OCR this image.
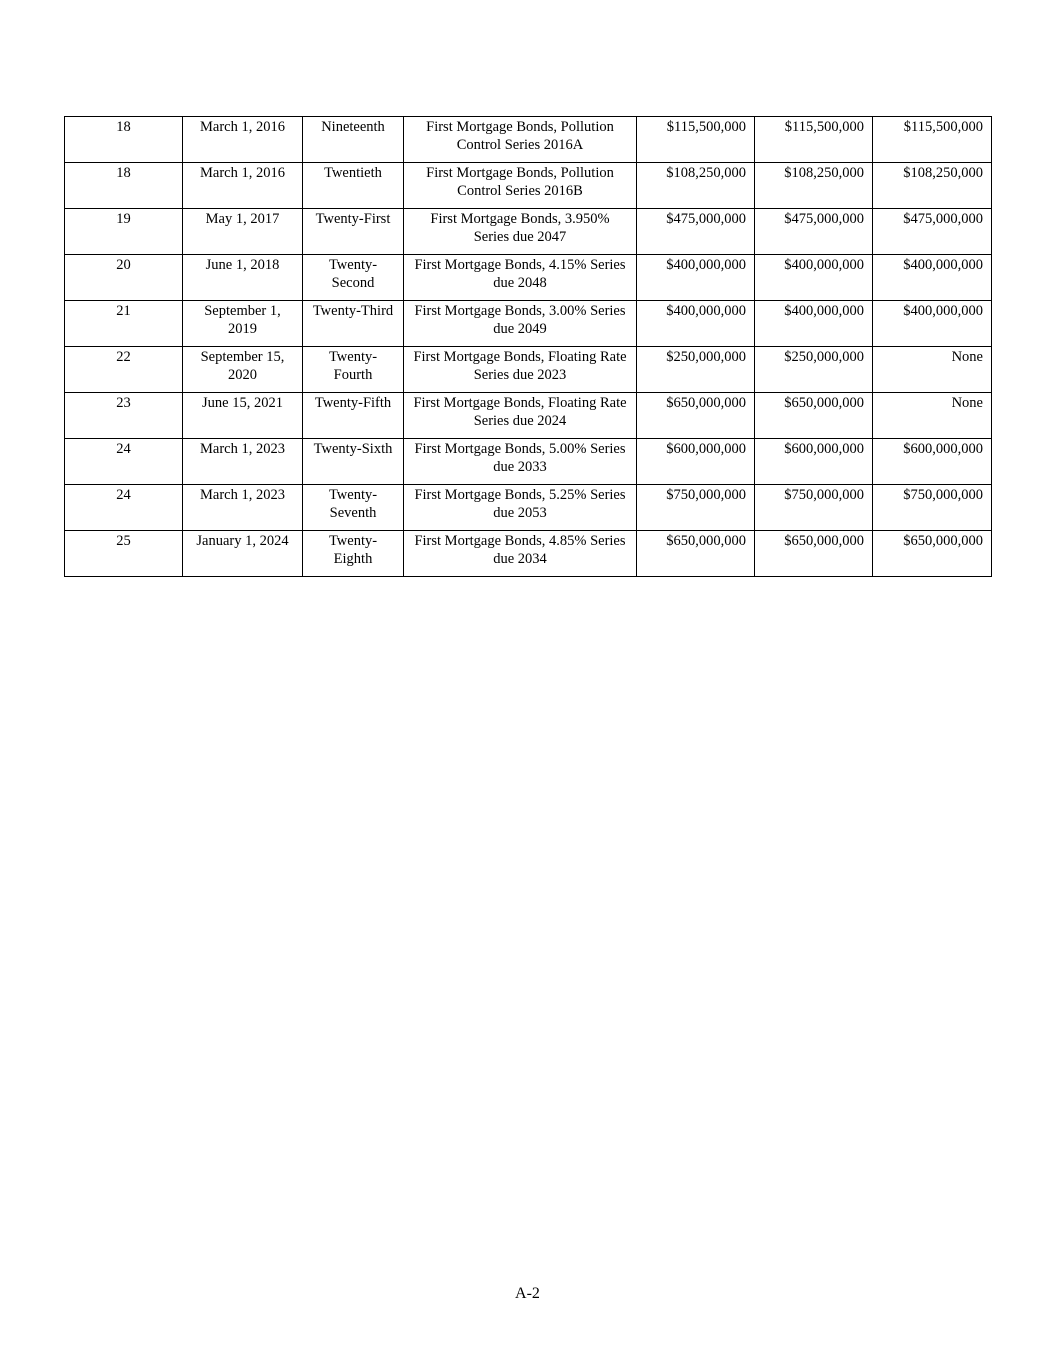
18	March 1, 2016	Nineteenth	First Mortgage Bonds, Pollution Control Series 2016A	$115,500,000	$115,500,000	$115,500,000
18	March 1, 2016	Twentieth	First Mortgage Bonds, Pollution Control Series 2016B	$108,250,000	$108,250,000	$108,250,000
19	May 1, 2017	Twenty-First	First Mortgage Bonds, 3.950% Series due 2047	$475,000,000	$475,000,000	$475,000,000
20	June 1, 2018	Twenty-Second	First Mortgage Bonds, 4.15% Series due 2048	$400,000,000	$400,000,000	$400,000,000
21	September 1, 2019	Twenty-Third	First Mortgage Bonds, 3.00% Series due 2049	$400,000,000	$400,000,000	$400,000,000
22	September 15, 2020	Twenty-Fourth	First Mortgage Bonds, Floating Rate Series due 2023	$250,000,000	$250,000,000	None
23	June 15, 2021	Twenty-Fifth	First Mortgage Bonds, Floating Rate Series due 2024	$650,000,000	$650,000,000	None
24	March 1, 2023	Twenty-Sixth	First Mortgage Bonds, 5.00% Series due 2033	$600,000,000	$600,000,000	$600,000,000
24	March 1, 2023	Twenty-Seventh	First Mortgage Bonds, 5.25% Series due 2053	$750,000,000	$750,000,000	$750,000,000
25	January 1, 2024	Twenty-Eighth	First Mortgage Bonds, 4.85% Series due 2034	$650,000,000	$650,000,000	$650,000,000
A-2
